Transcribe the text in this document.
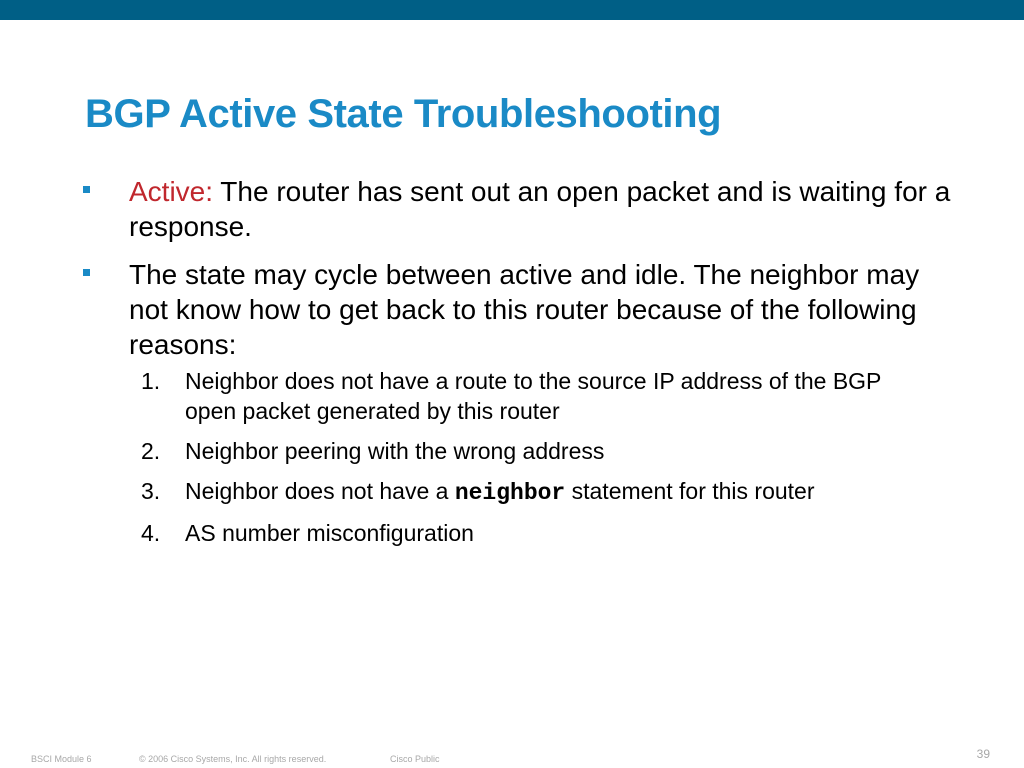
BGP Active State Troubleshooting
Active: The router has sent out an open packet and is waiting for a response.
The state may cycle between active and idle. The neighbor may not know how to get back to this router because of the following reasons:
1. Neighbor does not have a route to the source IP address of the BGP open packet generated by this router
2. Neighbor peering with the wrong address
3. Neighbor does not have a neighbor statement for this router
4. AS number misconfiguration
BSCI Module 6	© 2006 Cisco Systems, Inc. All rights reserved.	Cisco Public	39
